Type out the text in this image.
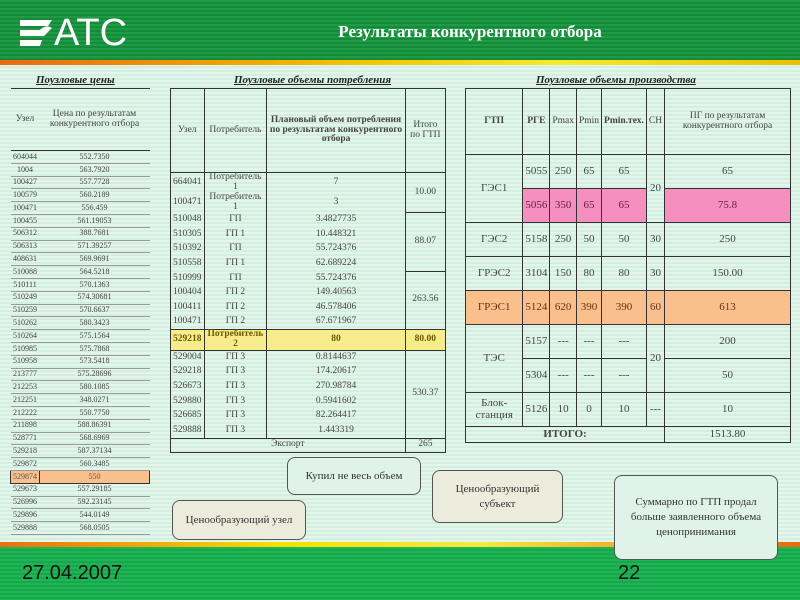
АТС	Результаты конкурентного отбора
Поузловые цены	Поузловые объемы потребления	Поузловые объемы производства
Узел	Цена по результатам конкурентного отбора
604044	552.7350
1004	563.7920
100427	557.7728
100579	560.2189
100471	556.459
100455	561.19053
506312	388.7681
506313	571.39257
408631	569.9691
510088	564.5218
510111	570.1363
510249	574.30681
510259	570.6637
510262	580.3423
510264	575.1564
510985	575.7868
510958	573.5418
213777	575.28696
212253	580.1085
212251	348.0271
212222	550.7750
211898	588.86391
528771	568.6969
529218	587.37134
529872	560.3485
529874	550
529673	557.29185
526996	592.23145
529896	544.0149
529888	568.0505
Узел	Потребитель	Плановый объем потребления по результатам конкурентного отбора	Итого по ГТП
664041	Потребитель 1	7	10.00
100471	Потребитель 1	3	
510048	ГП	3.4827735	88.07
510305	ГП 1	10.448321	
510392	ГП	55.724376	
510558	ГП 1	62.689224	
510999	ГП	55.724376	263.56
100404	ГП 2	149.40563	
100411	ГП 2	46.578406	
100471	ГП 2	67.671967	
529218	Потребитель 2	80	80.00
529004	ГП 3	0.8144637	530.37
529218	ГП 3	174.20617	
526673	ГП 3	270.98784	
529880	ГП 3	0.5941602	
526685	ГП 3	82.264417	
529888	ГП 3	1.443319	
Экспорт			265
ГТП	РГЕ	Pmax	Pmin	Pmin.тех.	СН	ПГ по результатам конкурентного отбора
ГЭС1	5055	250	65	65	20	65
	5056	350	65	65		75.8
ГЭС2	5158	250	50	50	30	250
ГРЭС2	3104	150	80	80	30	150.00
ГРЭС1	5124	620	390	390	60	613
ТЭС	5157	---	---	---	20	200
	5304	---	---	---		50
Блок-станция	5126	10	0	10	---	10
ИТОГО:						1513.80
Купил не весь объем
Ценообразующий субъект	Суммарно по ГТП продал больше заявленного объема ценопринимания
Ценообразующий узел
27.04.2007	22
